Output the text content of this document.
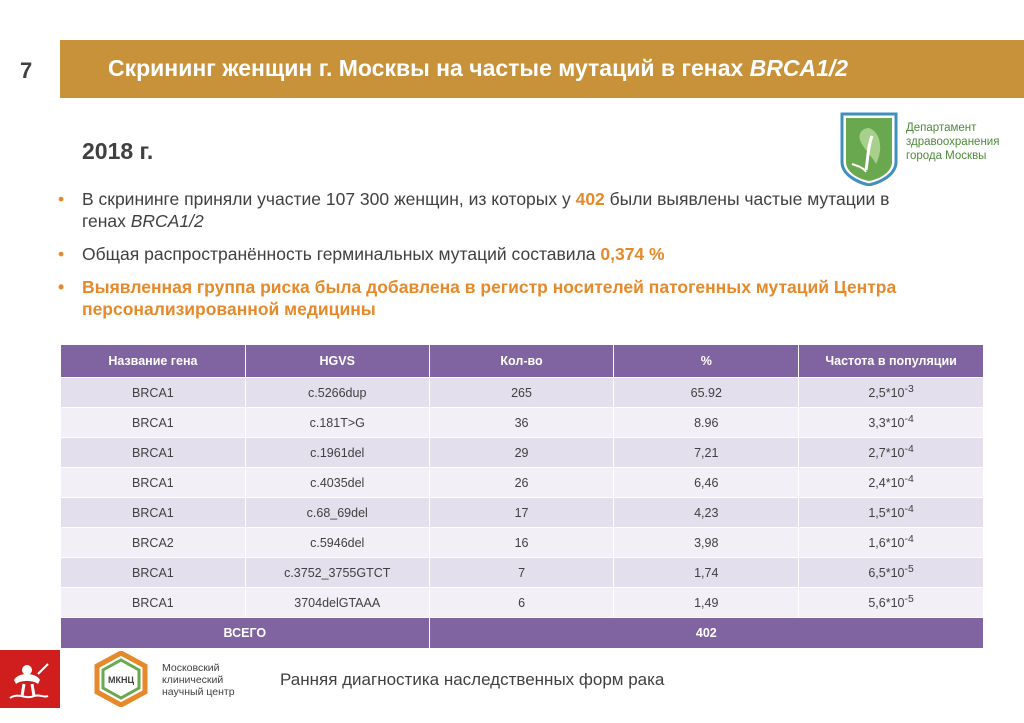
7	Скрининг женщин г. Москвы на частые мутаций в генах BRCA1/2
2018 г.
Департамент
здравоохранения
города Москвы
• В скрининге приняли участие 107 300 женщин, из которых у 402 были выявлены частые мутации в генах BRCA1/2
• Общая распространённость герминальных мутаций составила 0,374 %
• Выявленная группа риска была добавлена в регистр носителей патогенных мутаций Центра персонализированной медицины
Название гена	HGVS	Кол-во	%	Частота в популяции
BRCA1	c.5266dup	265	65.92	$2,5*10^{-3}$
BRCA1	c.181T>G	36	8.96	$3,3*10^{-4}$
BRCA1	c.1961del	29	7,21	$2,7*10^{-4}$
BRCA1	c.4035del	26	6,46	$2,4*10^{-4}$
BRCA1	c.68_69del	17	4,23	$1,5*10^{-4}$
BRCA2	c.5946del	16	3,98	$1,6*10^{-4}$
BRCA1	c.3752_3755GTCT	7	1,74	$6,5*10^{-5}$
BRCA1	3704delGTAAA	6	1,49	$5,6*10^{-5}$
ВСЕГО		402		
МКНЦ
Московский
клинический
научный центр
Ранняя диагностика наследственных форм рака
